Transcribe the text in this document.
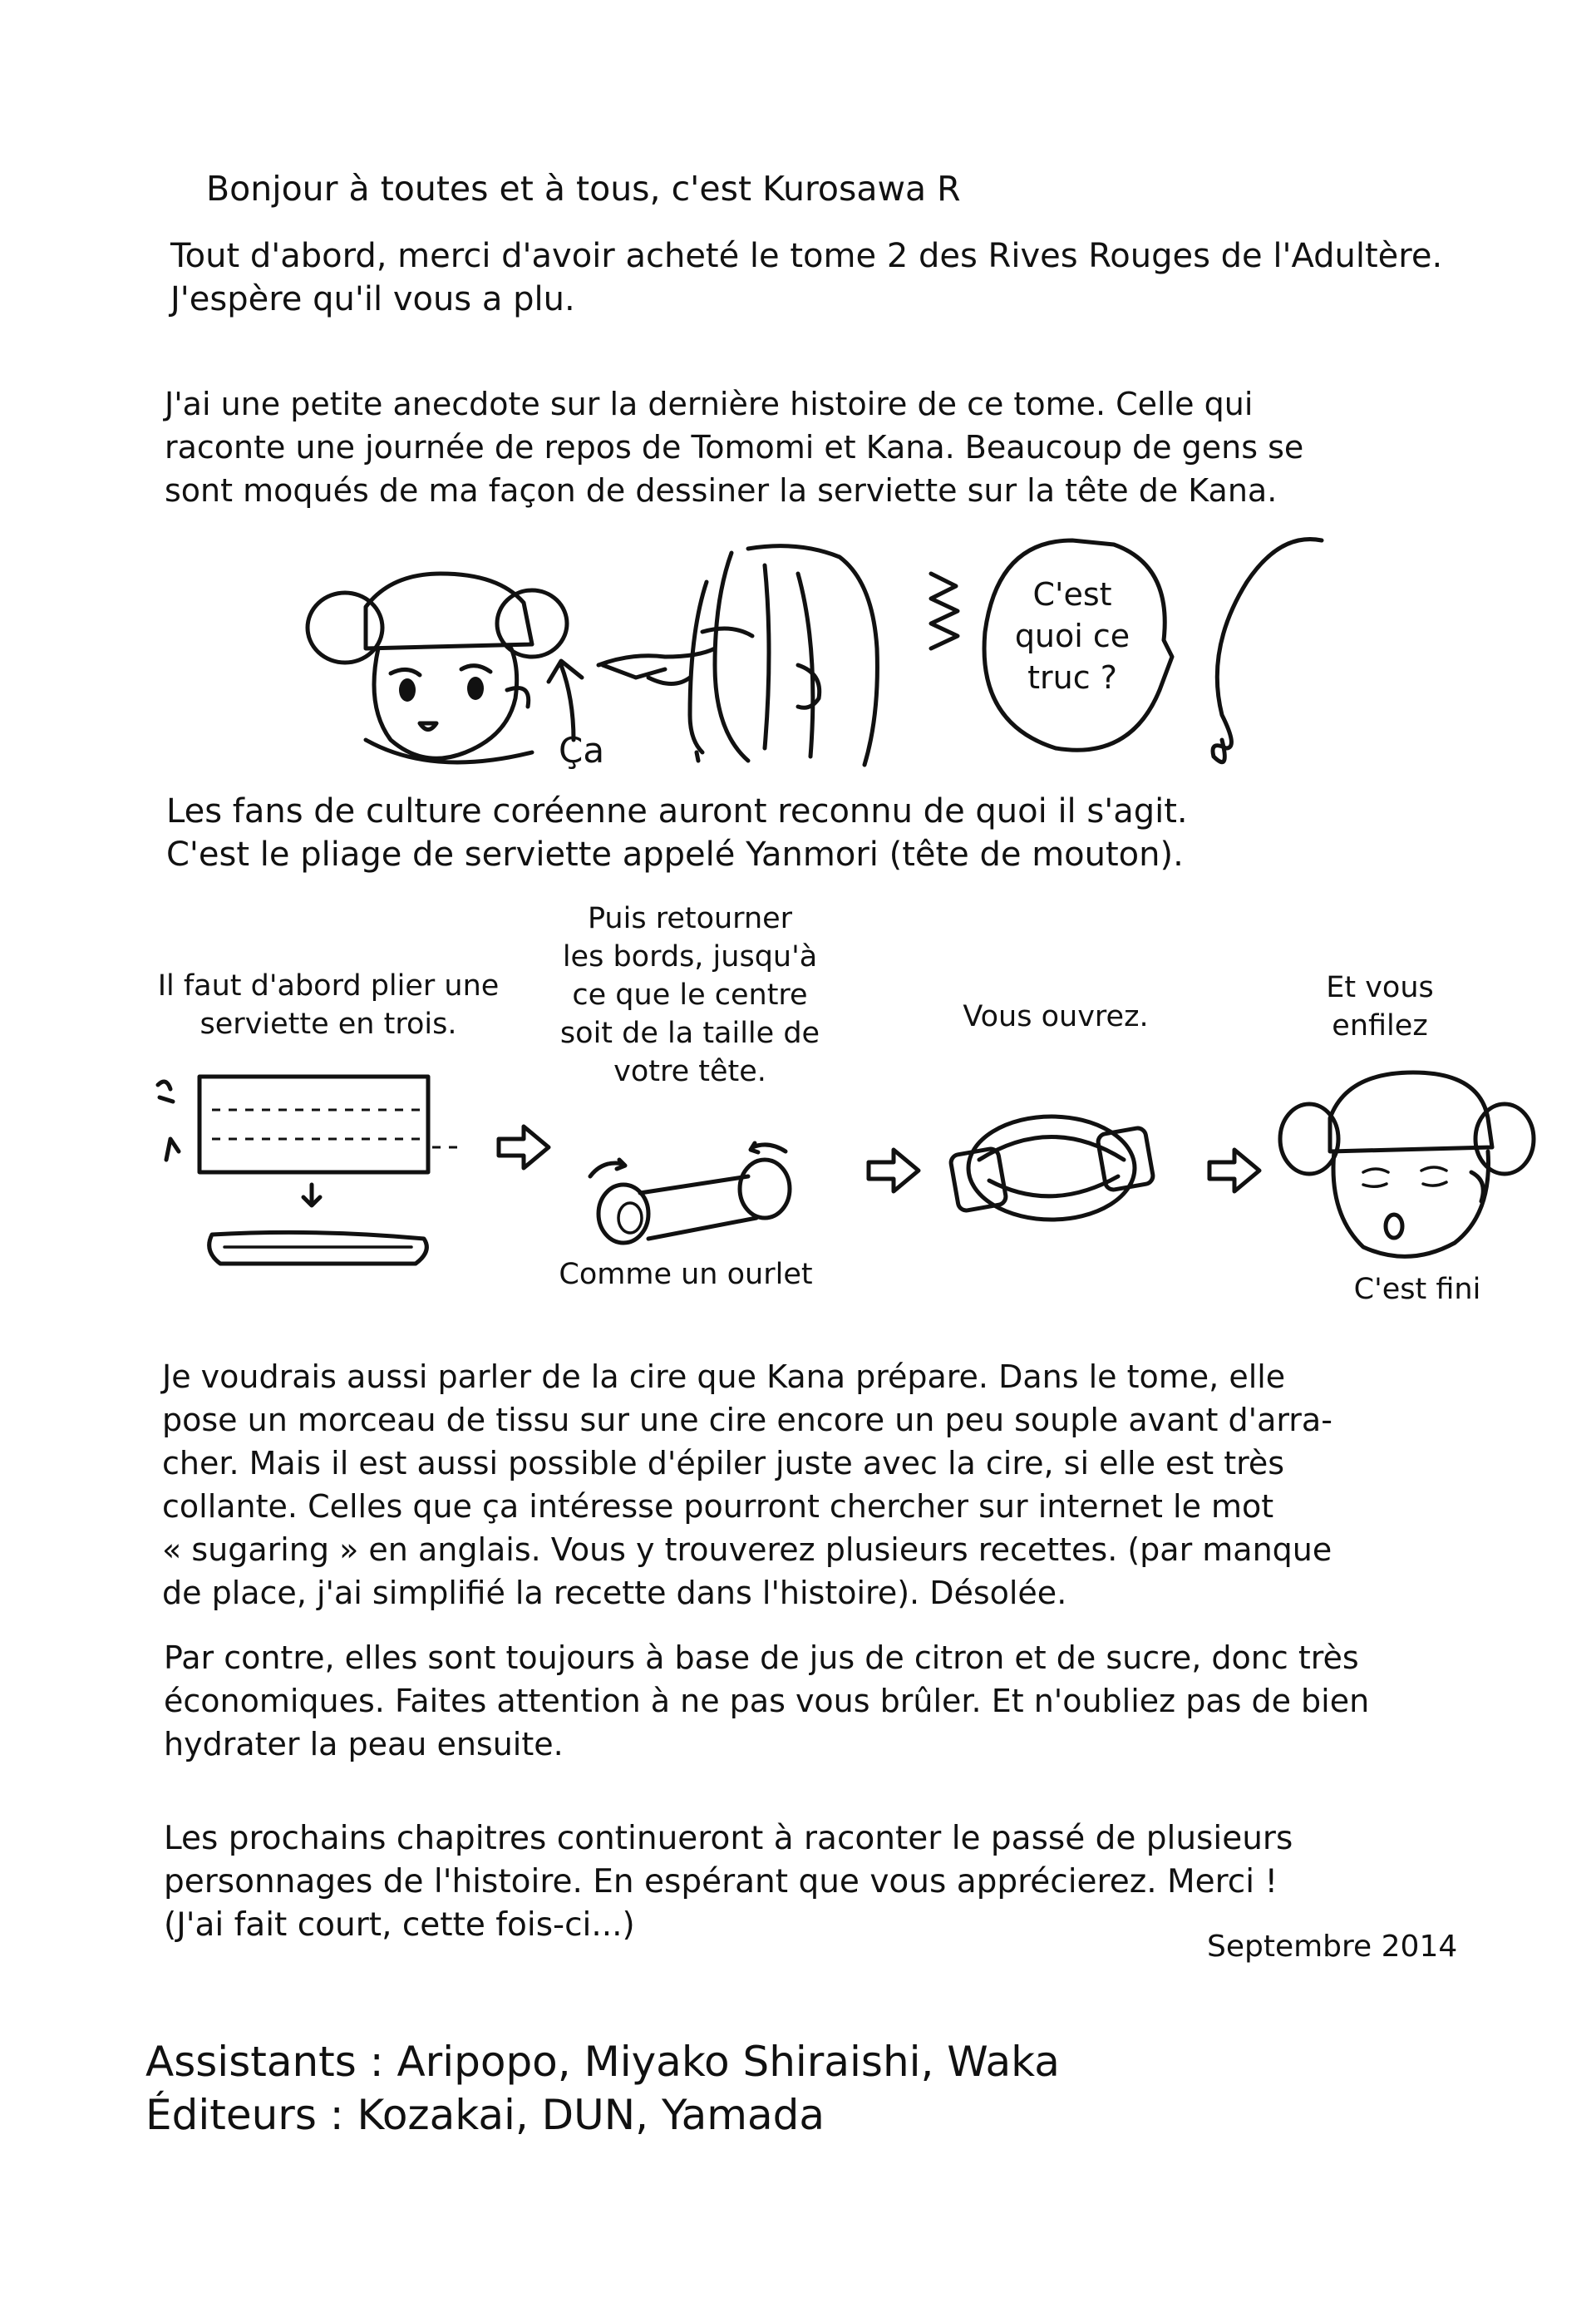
Bonjour à toutes et à tous, c'est Kurosawa R
Tout d'abord, merci d'avoir acheté le tome 2 des Rives Rouges de l'Adultère.
J'espère qu'il vous a plu.
J'ai une petite anecdote sur la dernière histoire de ce tome. Celle qui
raconte une journée de repos de Tomomi et Kana. Beaucoup de gens se
sont moqués de ma façon de dessiner la serviette sur la tête de Kana.
Ça
C'est
quoi ce
truc ?
Les fans de culture coréenne auront reconnu de quoi il s'agit.
C'est le pliage de serviette appelé Yanmori (tête de mouton).
Il faut d'abord plier une
serviette en trois.
Puis retourner
les bords, jusqu'à
ce que le centre
soit de la taille de
votre tête.
Comme un ourlet
Vous ouvrez.
Et vous
enfilez
C'est fini
Je voudrais aussi parler de la cire que Kana prépare. Dans le tome, elle
pose un morceau de tissu sur une cire encore un peu souple avant d'arra-
cher. Mais il est aussi possible d'épiler juste avec la cire, si elle est très
collante. Celles que ça intéresse pourront chercher sur internet le mot
« sugaring » en anglais. Vous y trouverez plusieurs recettes. (par manque
de place, j'ai simplifié la recette dans l'histoire). Désolée.
Par contre, elles sont toujours à base de jus de citron et de sucre, donc très
économiques. Faites attention à ne pas vous brûler. Et n'oubliez pas de bien
hydrater la peau ensuite.
Les prochains chapitres continueront à raconter le passé de plusieurs
personnages de l'histoire. En espérant que vous apprécierez. Merci !
(J'ai fait court, cette fois-ci...)
Septembre 2014
Assistants : Aripopo, Miyako Shiraishi, Waka
Éditeurs : Kozakai, DUN, Yamada
